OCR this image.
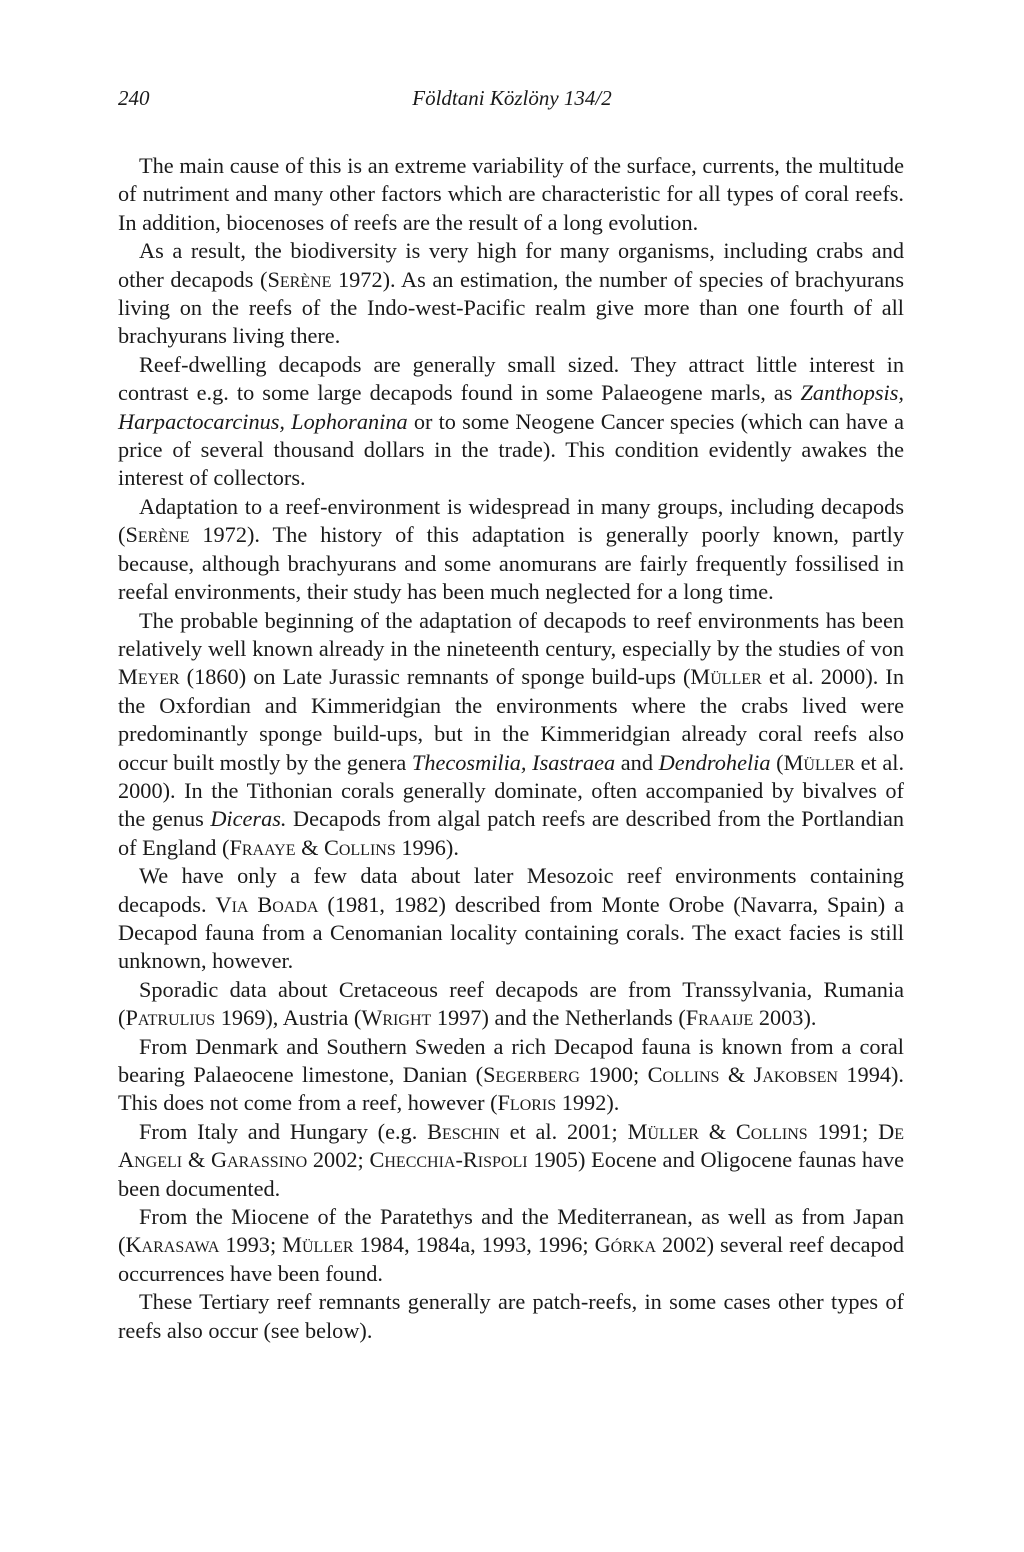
240	Földtani Közlöny 134/2

The main cause of this is an extreme variability of the surface, currents, the multitude of nutriment and many other factors which are characteristic for all types of coral reefs. In addition, biocenoses of reefs are the result of a long evolution.

As a result, the biodiversity is very high for many organisms, including crabs and other decapods (Serène 1972). As an estimation, the number of species of brachyurans living on the reefs of the Indo-west-Pacific realm give more than one fourth of all brachyurans living there.

Reef-dwelling decapods are generally small sized. They attract little interest in contrast e.g. to some large decapods found in some Palaeogene marls, as Zanthopsis, Harpactocarcinus, Lophoranina or to some Neogene Cancer species (which can have a price of several thousand dollars in the trade). This condition evidently awakes the interest of collectors.

Adaptation to a reef-environment is widespread in many groups, including decapods (Serène 1972). The history of this adaptation is generally poorly known, partly because, although brachyurans and some anomurans are fairly frequently fossilised in reefal environments, their study has been much neglected for a long time.

The probable beginning of the adaptation of decapods to reef environments has been relatively well known already in the nineteenth century, especially by the studies of von Meyer (1860) on Late Jurassic remnants of sponge build-ups (Müller et al. 2000). In the Oxfordian and Kimmeridgian the environments where the crabs lived were predominantly sponge build-ups, but in the Kimmeridgian already coral reefs also occur built mostly by the genera Thecosmilia, Isastraea and Dendrohelia (Müller et al. 2000). In the Tithonian corals generally dominate, often accompanied by bivalves of the genus Diceras. Decapods from algal patch reefs are described from the Portlandian of England (Fraaye & Collins 1996).

We have only a few data about later Mesozoic reef environments containing decapods. Via Boada (1981, 1982) described from Monte Orobe (Navarra, Spain) a Decapod fauna from a Cenomanian locality containing corals. The exact facies is still unknown, however.

Sporadic data about Cretaceous reef decapods are from Transsylvania, Rumania (Patrulius 1969), Austria (Wright 1997) and the Netherlands (Fraaije 2003).

From Denmark and Southern Sweden a rich Decapod fauna is known from a coral bearing Palaeocene limestone, Danian (Segerberg 1900; Collins & Jakobsen 1994). This does not come from a reef, however (Floris 1992).

From Italy and Hungary (e.g. Beschin et al. 2001; Müller & Collins 1991; De Angeli & Garassino 2002; Checchia-Rispoli 1905) Eocene and Oligocene faunas have been documented.

From the Miocene of the Paratethys and the Mediterranean, as well as from Japan (Karasawa 1993; Müller 1984, 1984a, 1993, 1996; Górka 2002) several reef decapod occurrences have been found.

These Tertiary reef remnants generally are patch-reefs, in some cases other types of reefs also occur (see below).
